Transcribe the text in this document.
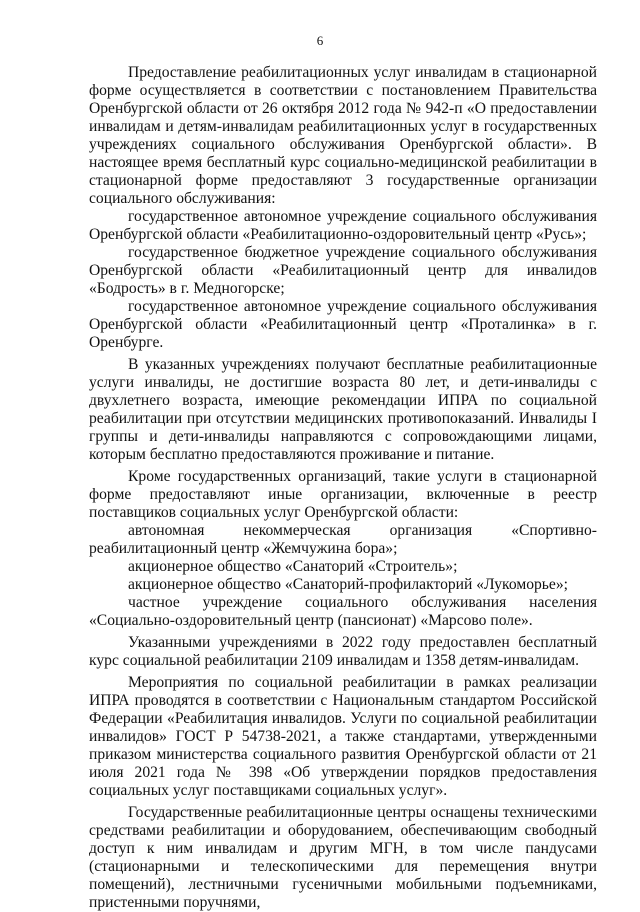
6

Предоставление реабилитационных услуг инвалидам в стационарной форме осуществляется в соответствии с постановлением Правительства Оренбургской области от 26 октября 2012 года № 942-п «О предоставлении инвалидам и детям-инвалидам реабилитационных услуг в государственных учреждениях социального обслуживания Оренбургской области». В настоящее время бесплатный курс социально-медицинской реабилитации в стационарной форме предоставляют 3 государственные организации социального обслуживания:

государственное автономное учреждение социального обслуживания Оренбургской области «Реабилитационно-оздоровительный центр «Русь»;

государственное бюджетное учреждение социального обслуживания Оренбургской области «Реабилитационный центр для инвалидов «Бодрость» в г. Медногорске;

государственное автономное учреждение социального обслуживания Оренбургской области «Реабилитационный центр «Проталинка» в г. Оренбурге.

В указанных учреждениях получают бесплатные реабилитационные услуги инвалиды, не достигшие возраста 80 лет, и дети-инвалиды с двухлетнего возраста, имеющие рекомендации ИПРА по социальной реабилитации при отсутствии медицинских противопоказаний. Инвалиды I группы и дети-инвалиды направляются с сопровождающими лицами, которым бесплатно предоставляются проживание и питание.

Кроме государственных организаций, такие услуги в стационарной форме предоставляют иные организации, включенные в реестр поставщиков социальных услуг Оренбургской области:

автономная некоммерческая организация «Спортивно-реабилитационный центр «Жемчужина бора»;

акционерное общество «Санаторий «Строитель»;

акционерное общество «Санаторий-профилакторий «Лукоморье»;

частное учреждение социального обслуживания населения «Социально-оздоровительный центр (пансионат) «Марсово поле».

Указанными учреждениями в 2022 году предоставлен бесплатный курс социальной реабилитации 2109 инвалидам и 1358 детям-инвалидам.

Мероприятия по социальной реабилитации в рамках реализации ИПРА проводятся в соответствии с Национальным стандартом Российской Федерации «Реабилитация инвалидов. Услуги по социальной реабилитации инвалидов» ГОСТ Р 54738-2021, а также стандартами, утвержденными приказом министерства социального развития Оренбургской области от 21 июля 2021 года № 398 «Об утверждении порядков предоставления социальных услуг поставщиками социальных услуг».

Государственные реабилитационные центры оснащены техническими средствами реабилитации и оборудованием, обеспечивающим свободный доступ к ним инвалидам и другим МГН, в том числе пандусами (стационарными и телескопическими для перемещения внутри помещений), лестничными гусеничными мобильными подъемниками, пристенными поручнями,
